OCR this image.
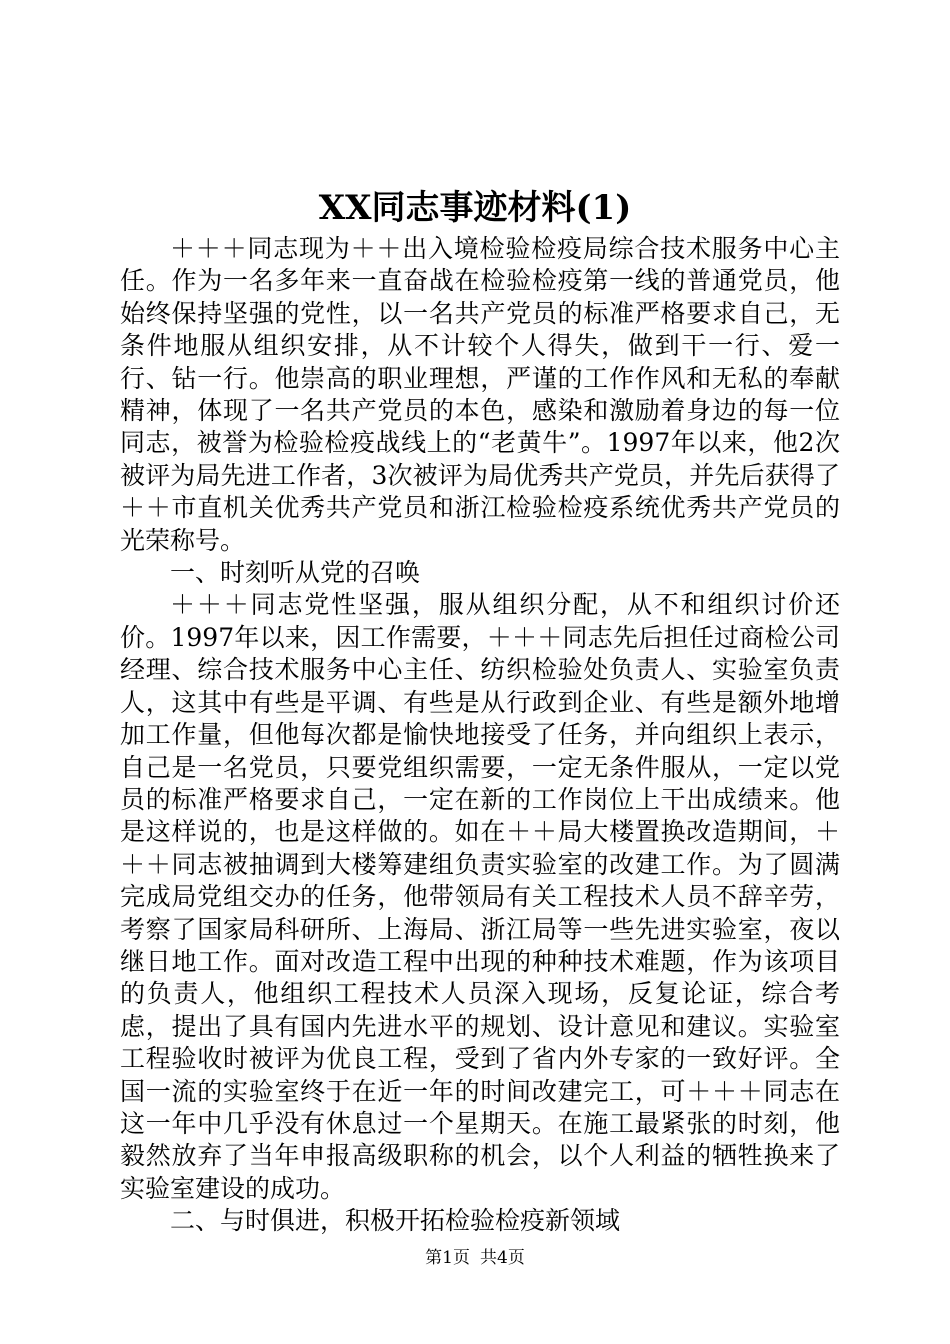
XX同志事迹材料(1)

＋＋＋同志现为＋＋出入境检验检疫局综合技术服务中心主任。作为一名多年来一直奋战在检验检疫第一线的普通党员，他始终保持坚强的党性，以一名共产党员的标准严格要求自己，无条件地服从组织安排，从不计较个人得失，做到干一行、爱一行、钻一行。他崇高的职业理想，严谨的工作作风和无私的奉献精神，体现了一名共产党员的本色，感染和激励着身边的每一位同志，被誉为检验检疫战线上的“老黄牛”。1997年以来，他2次被评为局先进工作者，3次被评为局优秀共产党员，并先后获得了＋＋市直机关优秀共产党员和浙江检验检疫系统优秀共产党员的光荣称号。

一、时刻听从党的召唤

＋＋＋同志党性坚强，服从组织分配，从不和组织讨价还价。1997年以来，因工作需要，＋＋＋同志先后担任过商检公司经理、综合技术服务中心主任、纺织检验处负责人、实验室负责人，这其中有些是平调、有些是从行政到企业、有些是额外地增加工作量，但他每次都是愉快地接受了任务，并向组织上表示，自己是一名党员，只要党组织需要，一定无条件服从，一定以党员的标准严格要求自己，一定在新的工作岗位上干出成绩来。他是这样说的，也是这样做的。如在＋＋局大楼置换改造期间，＋＋＋同志被抽调到大楼筹建组负责实验室的改建工作。为了圆满完成局党组交办的任务，他带领局有关工程技术人员不辞辛劳，考察了国家局科研所、上海局、浙江局等一些先进实验室，夜以继日地工作。面对改造工程中出现的种种技术难题，作为该项目的负责人，他组织工程技术人员深入现场，反复论证，综合考虑，提出了具有国内先进水平的规划、设计意见和建议。实验室工程验收时被评为优良工程，受到了省内外专家的一致好评。全国一流的实验室终于在近一年的时间改建完工，可＋＋＋同志在这一年中几乎没有休息过一个星期天。在施工最紧张的时刻，他毅然放弃了当年申报高级职称的机会，以个人利益的牺牲换来了实验室建设的成功。

二、与时俱进，积极开拓检验检疫新领域

第1页 共4页
